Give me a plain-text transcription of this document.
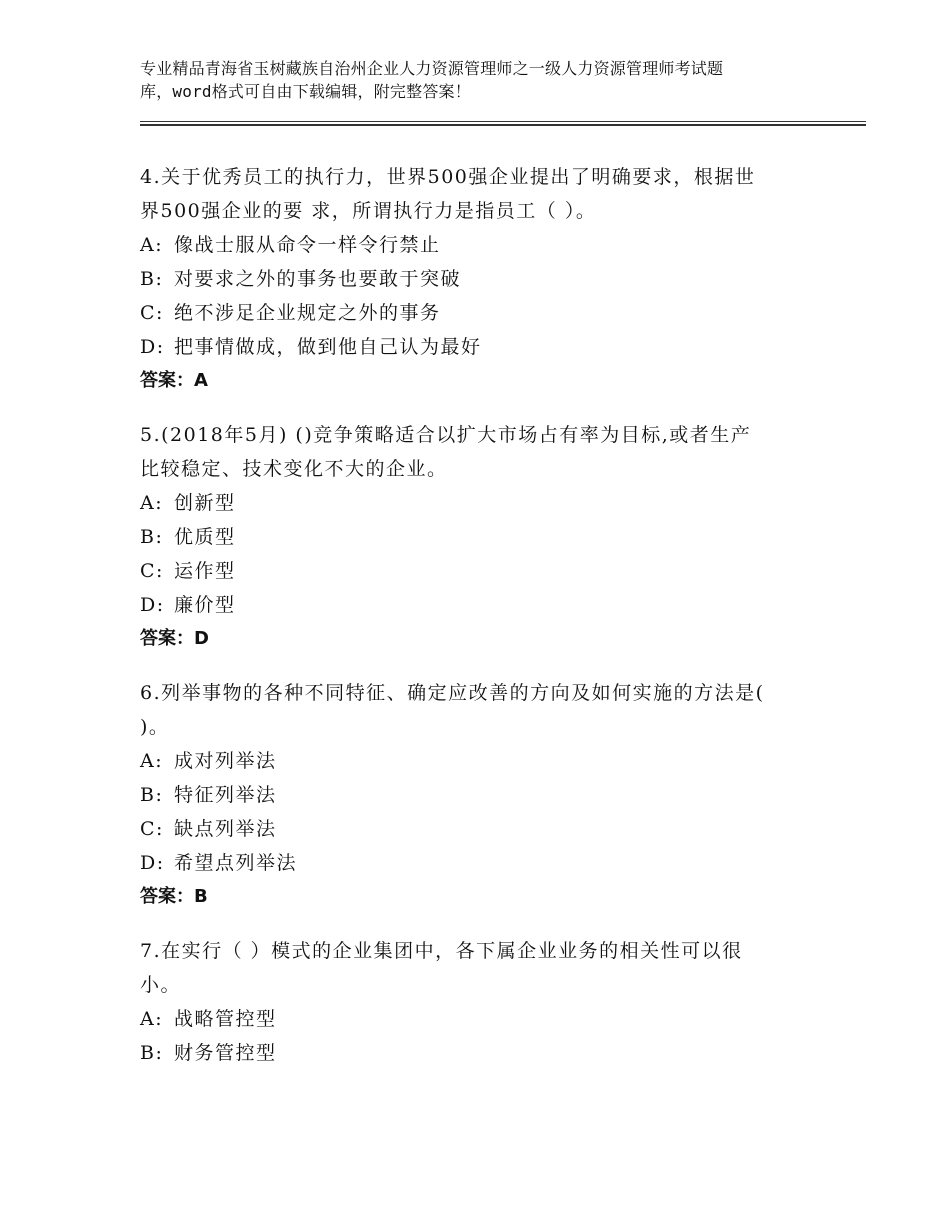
专业精品青海省玉树藏族自治州企业人力资源管理师之一级人力资源管理师考试题
库，word格式可自由下载编辑，附完整答案！
4.关于优秀员工的执行力，世界500强企业提出了明确要求，根据世
界500强企业的要 求，所谓执行力是指员工（ ）。
A: 像战士服从命令一样令行禁止
B: 对要求之外的事务也要敢于突破
C: 绝不涉足企业规定之外的事务
D: 把事情做成，做到他自己认为最好
答案：A
5.(2018年5月) ()竞争策略适合以扩大市场占有率为目标,或者生产
比较稳定、技术变化不大的企业。
A: 创新型
B: 优质型
C: 运作型
D: 廉价型
答案：D
6.列举事物的各种不同特征、确定应改善的方向及如何实施的方法是(
)。
A: 成对列举法
B: 特征列举法
C: 缺点列举法
D: 希望点列举法
答案：B
7.在实行（ ）模式的企业集团中，各下属企业业务的相关性可以很
小。
A: 战略管控型
B: 财务管控型
